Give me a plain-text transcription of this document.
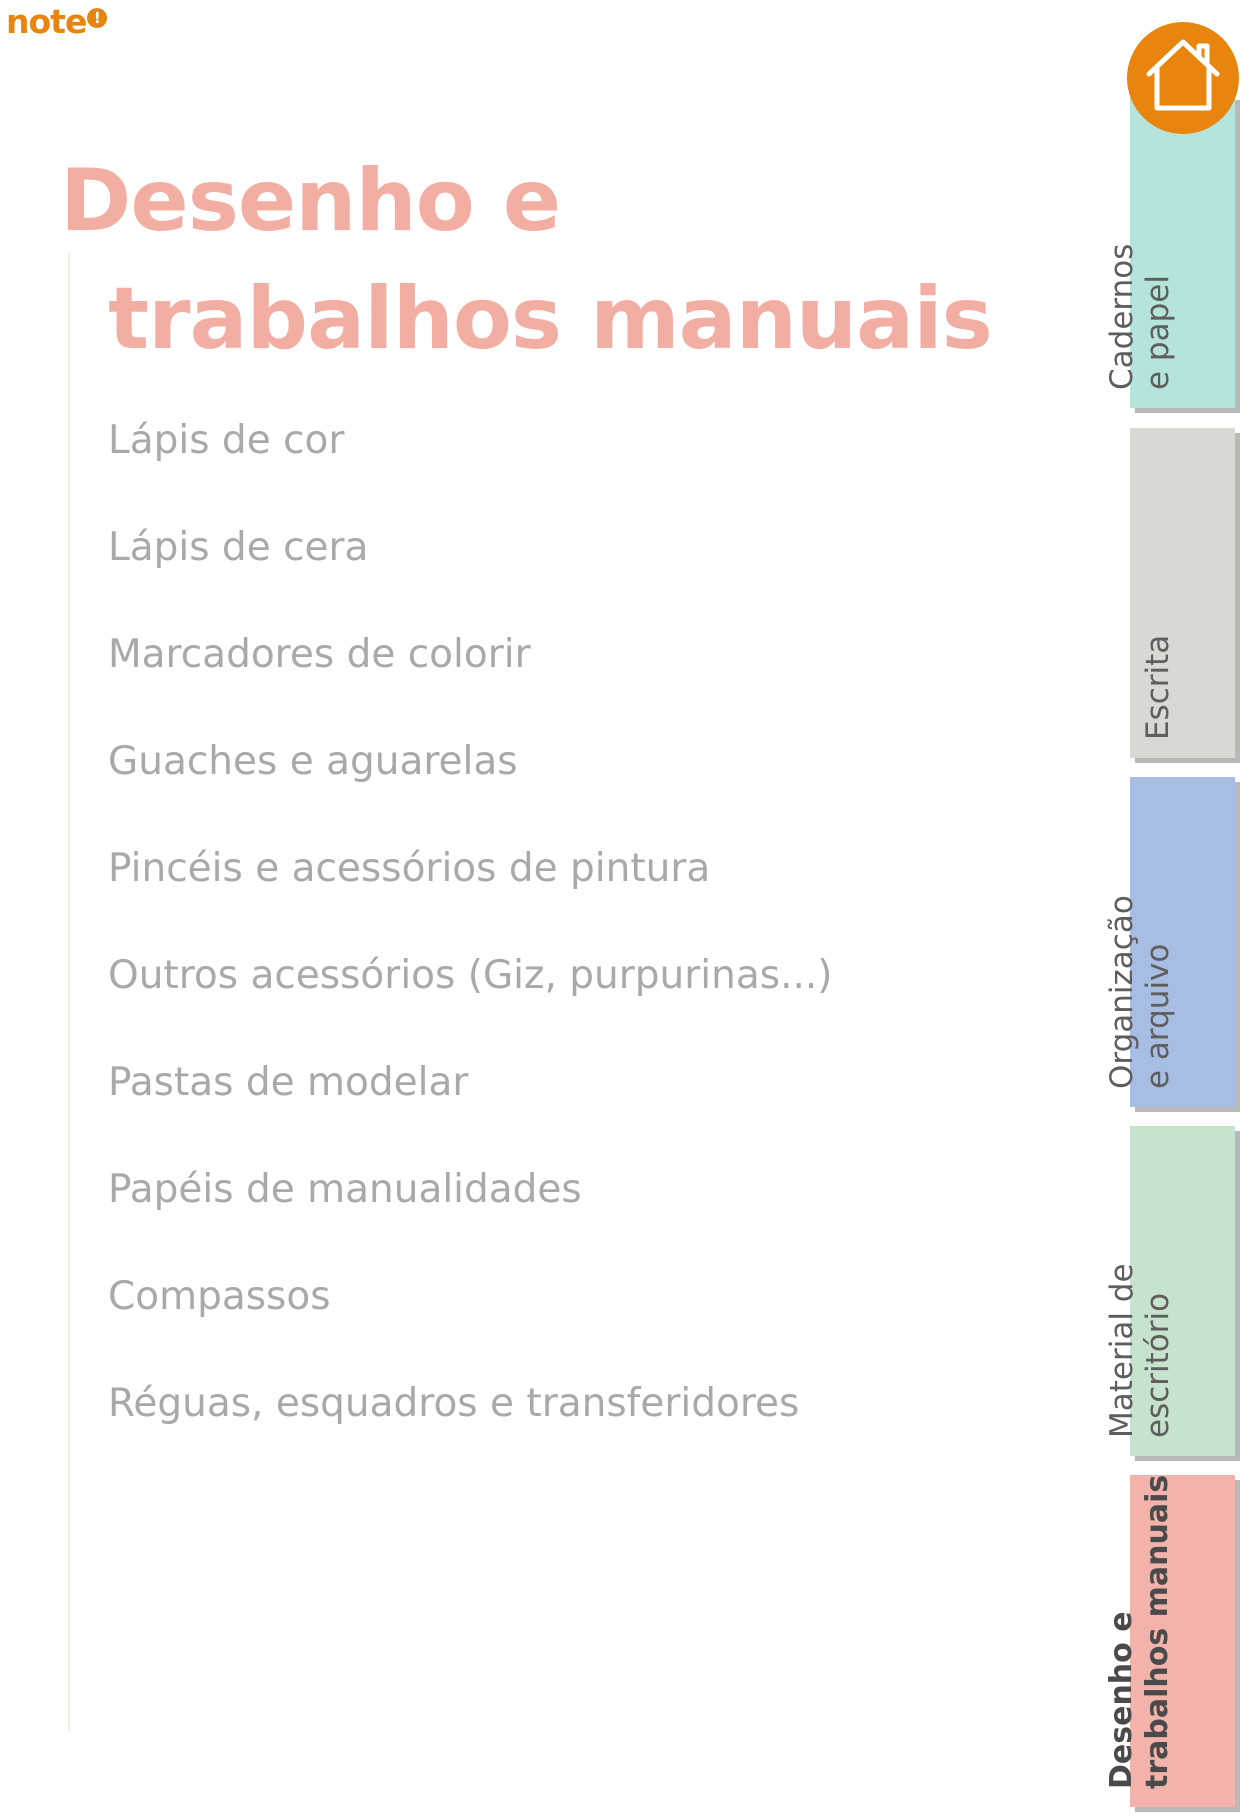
note !
Desenho e
trabalhos manuais
Lápis de cor
Lápis de cera
Marcadores de colorir
Guaches e aguarelas
Pincéis e acessórios de pintura
Outros acessórios (Giz, purpurinas...)
Pastas de modelar
Papéis de manualidades
Compassos
Réguas, esquadros e transferidores
Cadernos e papel
Escrita
Organização e arquivo
Material de escritório
Desenho e trabalhos manuais
